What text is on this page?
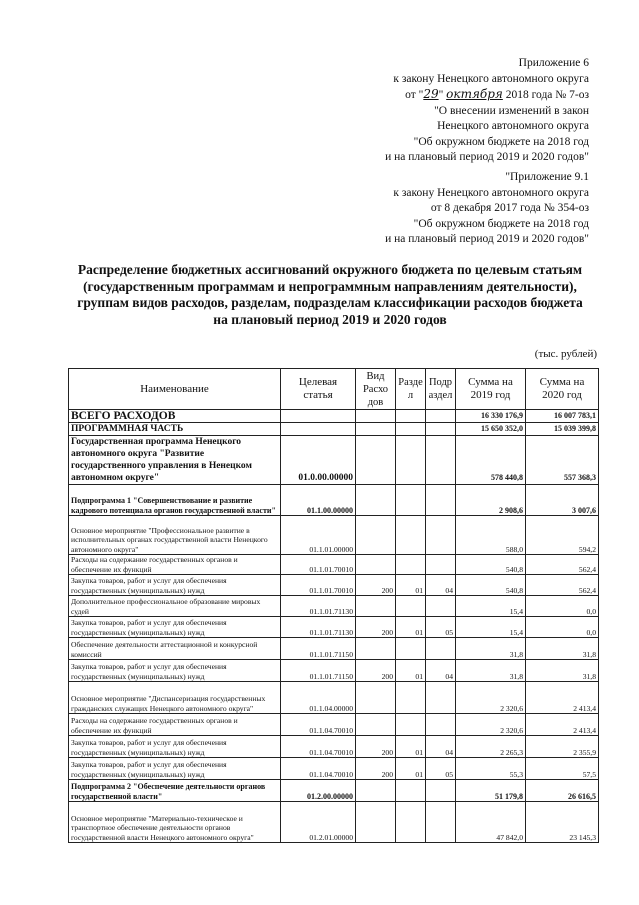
Приложение 6
к закону Ненецкого автономного округа
от "29" октября 2018 года № 7-оз
"О внесении изменений в закон
Ненецкого автономного округа
"Об окружном бюджете на 2018 год
и на плановый период 2019 и 2020 годов"
"Приложение 9.1
к закону Ненецкого автономного округа
от 8 декабря 2017 года № 354-оз
"Об окружном бюджете на 2018 год
и на плановый период 2019 и 2020 годов"
Распределение бюджетных ассигнований окружного бюджета по целевым статьям
(государственным программам и непрограммным направлениям деятельности),
группам видов расходов, разделам, подразделам классификации расходов бюджета
на плановый период 2019 и 2020 годов
(тыс. рублей)
Наименование	Целевая статья	Вид Расхо дов	Разде л	Подр аздел	Сумма на 2019 год	Сумма на 2020 год
ВСЕГО РАСХОДОВ					16 330 176,9	16 007 783,1
ПРОГРАММНАЯ ЧАСТЬ					15 650 352,0	15 039 399,8
Государственная программа Ненецкого автономного округа "Развитие государственного управления в Ненецком автономном округе"	01.0.00.00000				578 440,8	557 368,3
Подпрограмма 1 "Совершенствование и развитие кадрового потенциала органов государственной власти"	01.1.00.00000				2 908,6	3 007,6
Основное мероприятие "Профессиональное развитие в исполнительных органах государственной власти Ненецкого автономного округа"	01.1.01.00000				588,0	594,2
Расходы на содержание государственных органов и обеспечение их функций	01.1.01.70010				540,8	562,4
Закупка товаров, работ и услуг для обеспечения государственных (муниципальных) нужд	01.1.01.70010	200	01	04	540,8	562,4
Дополнительное профессиональное образование мировых судей	01.1.01.71130				15,4	0,0
Закупка товаров, работ и услуг для обеспечения государственных (муниципальных) нужд	01.1.01.71130	200	01	05	15,4	0,0
Обеспечение деятельности аттестационной и конкурсной комиссий	01.1.01.71150				31,8	31,8
Закупка товаров, работ и услуг для обеспечения государственных (муниципальных) нужд	01.1.01.71150	200	01	04	31,8	31,8
Основное мероприятие "Диспансеризация государственных гражданских служащих Ненецкого автономного округа"	01.1.04.00000				2 320,6	2 413,4
Расходы на содержание государственных органов и обеспечение их функций	01.1.04.70010				2 320,6	2 413,4
Закупка товаров, работ и услуг для обеспечения государственных (муниципальных) нужд	01.1.04.70010	200	01	04	2 265,3	2 355,9
Закупка товаров, работ и услуг для обеспечения государственных (муниципальных) нужд	01.1.04.70010	200	01	05	55,3	57,5
Подпрограмма 2 "Обеспечение деятельности органов государственной власти"	01.2.00.00000				51 179,8	26 616,5
Основное мероприятие "Материально-техническое и транспортное обеспечение деятельности органов государственной власти Ненецкого автономного округа"	01.2.01.00000				47 842,0	23 145,3
